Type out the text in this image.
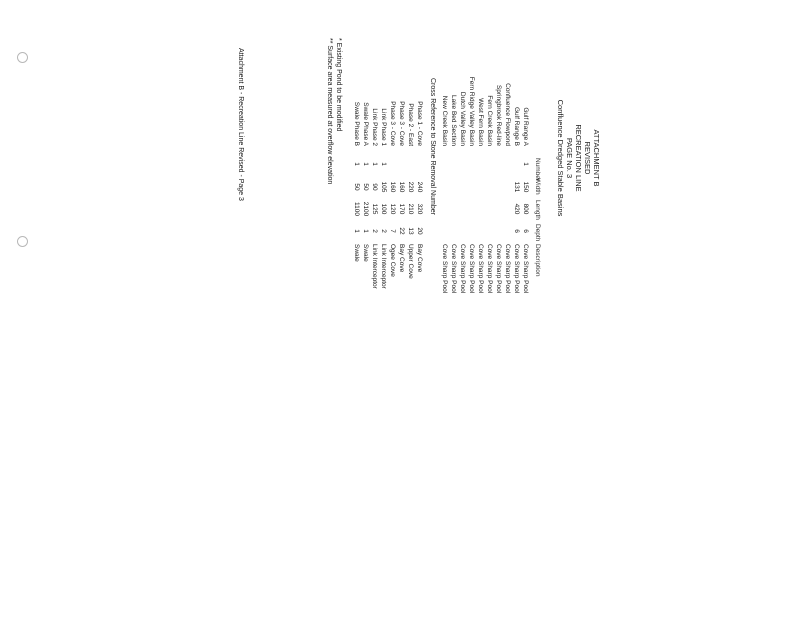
ATTACHMENT B
REVISED
RECREATION LINE
PAGE No. 3
Confluence Dredged Stable Basins
Number
Width
Length
Depth
Description
Gulf Range A
1
150
800
6
Cove Sharp Pool
Gulf Range B
131
420
6
Cove Sharp Pool
Confluence Flowpond
Cove Sharp Pool
Springbrook Red-line
Cove Sharp Pool
Fern Creek Basin
Cove Sharp Pool
West Fern Basin
Cove Sharp Pool
Fern Ridge Valley Basin
Cove Sharp Pool
Dutch Valley Basin
Cove Sharp Pool
Lake Bed Section
Cove Sharp Pool
New Creek Basin
Cove Sharp Pool
Cross Reference to Stone Removal Number
Phase 1 - Cove
240
320
20
Bay Cove
Phase 2 - East
220
210
13
Upper Cove
Phase 3 - Cove
160
170
22
Bay Cove
Phase 3 - Cove
160
120
7
Ogee Cove
Link Phase 1
1
105
100
2
Link Interceptor
Link Phase 2
1
90
125
2
Link Interceptor
Swale Phase A
1
50
2100
1
Swale
Swale Phase B
1
50
1100
1
Swale
* Existing Pond to be modified
** Surface area measured at overflow elevation
Attachment B - Recreation Line Revised - Page 3
